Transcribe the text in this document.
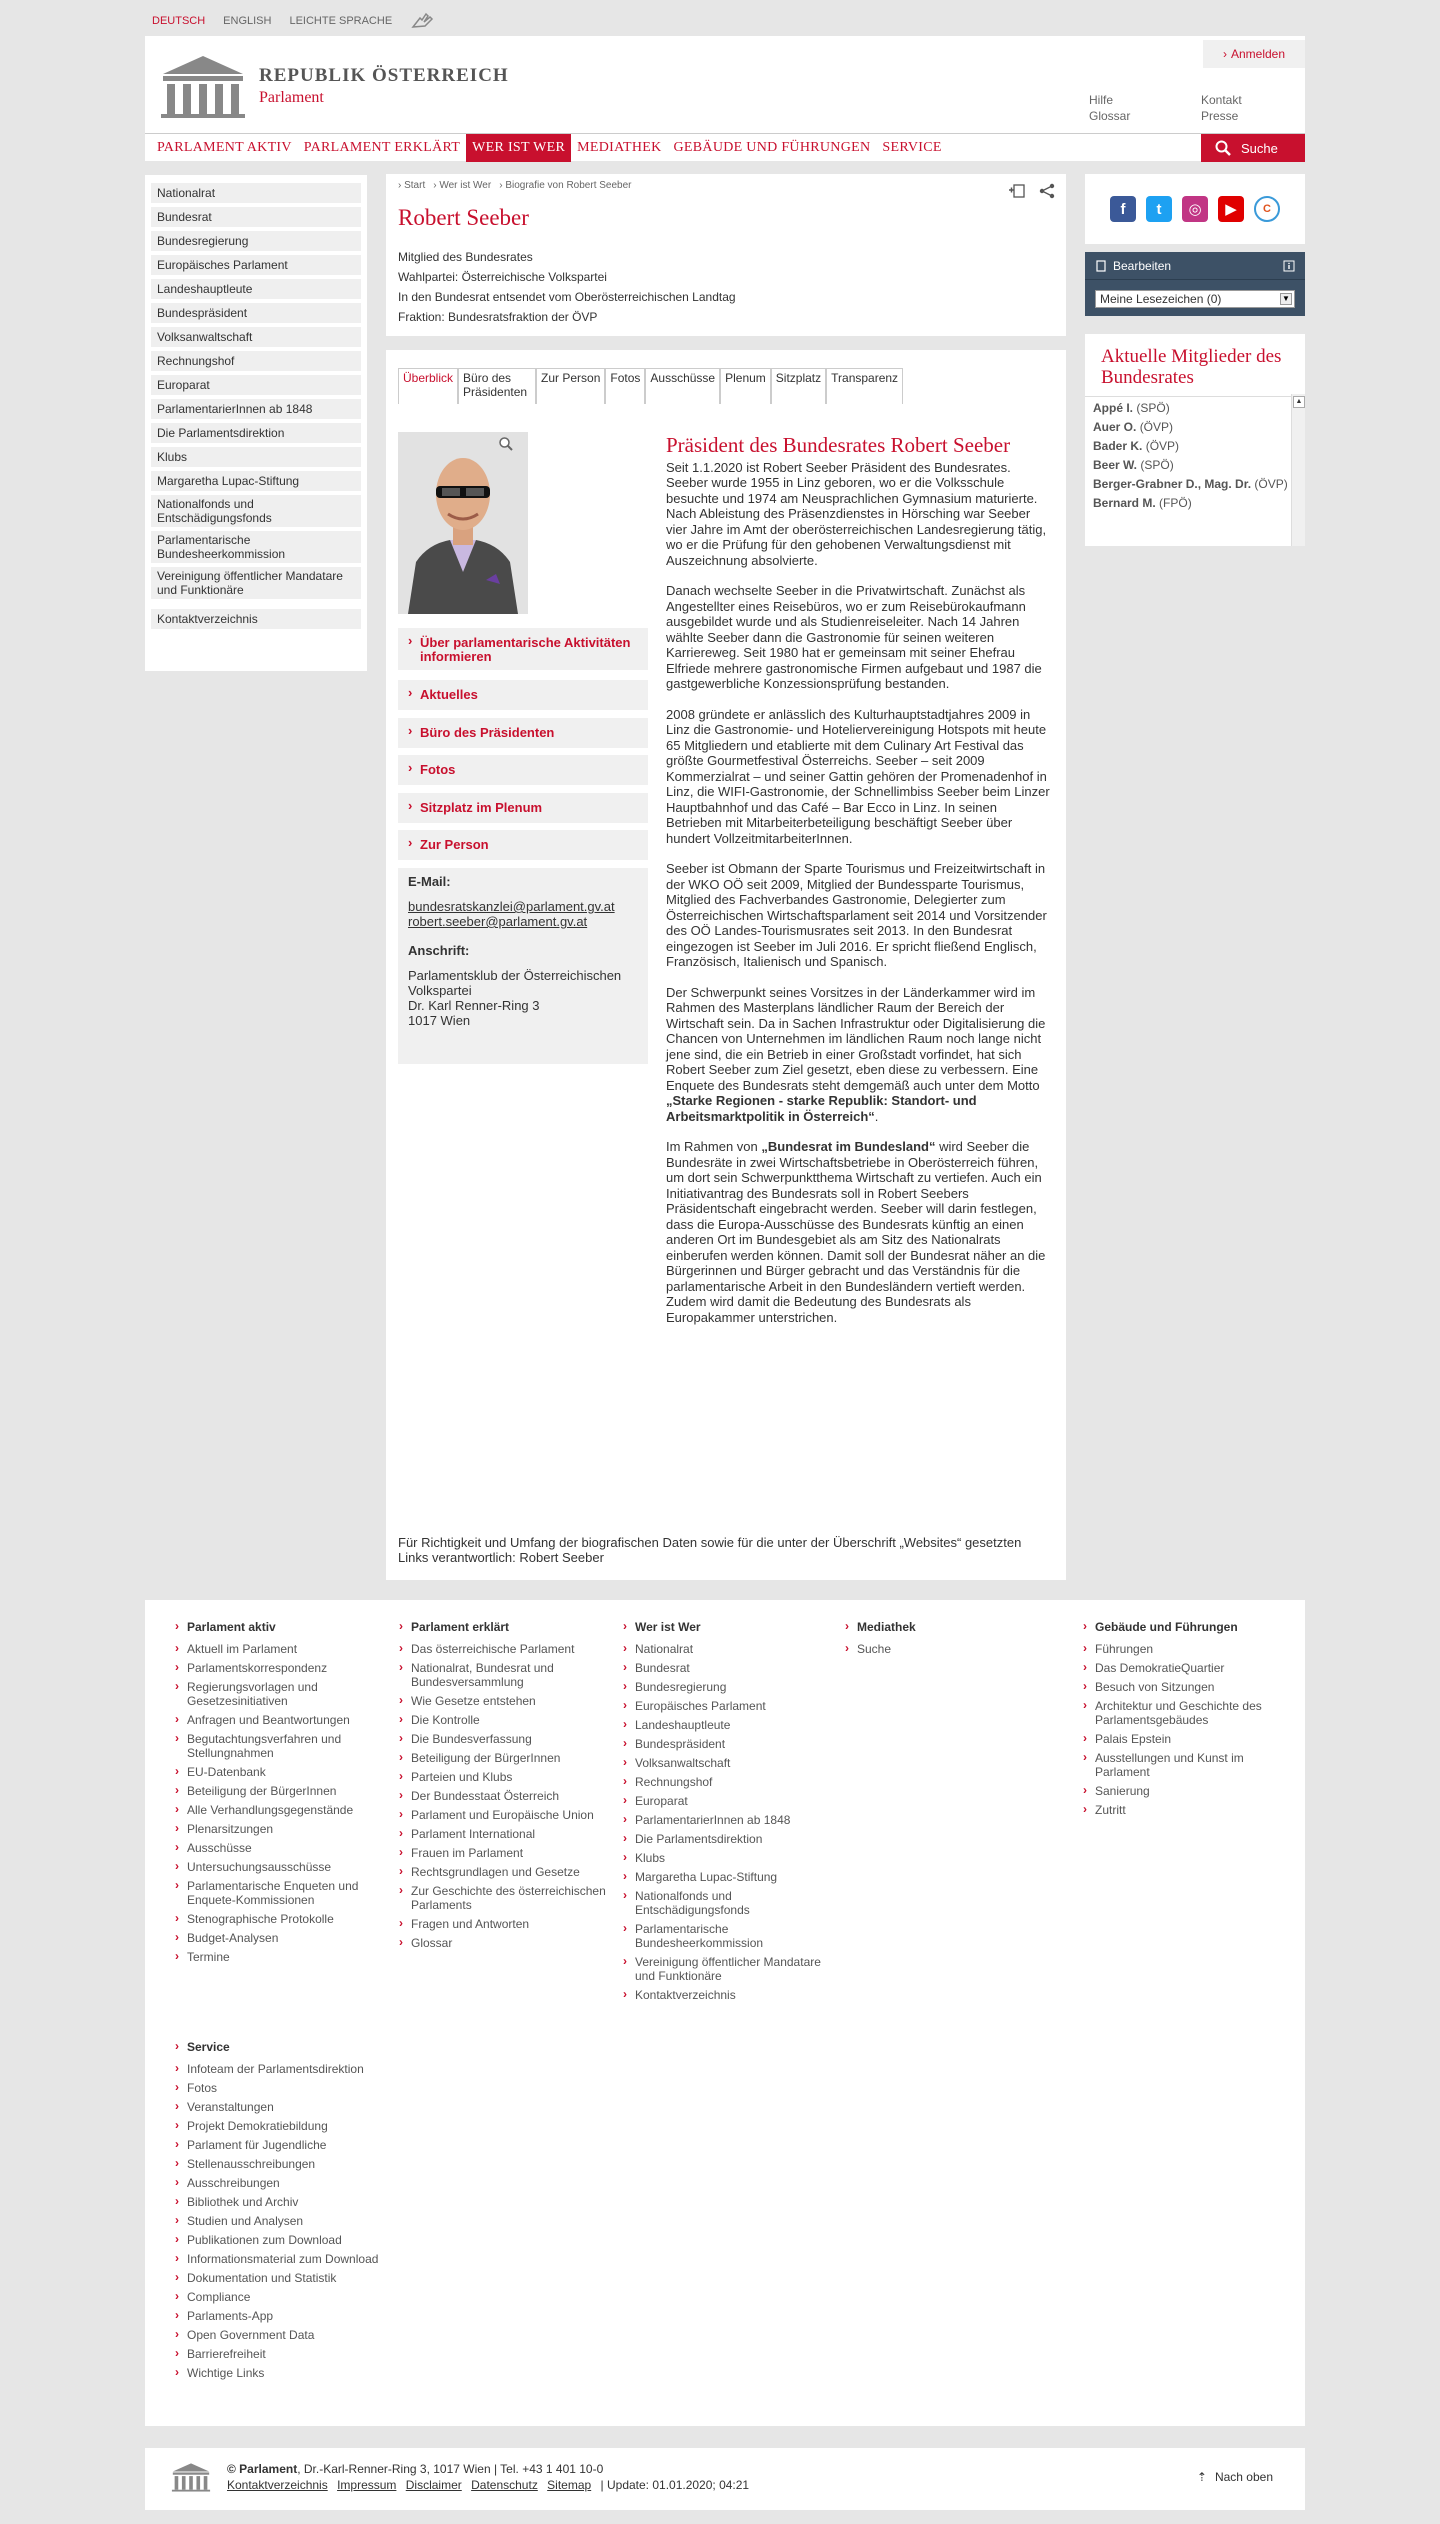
DEUTSCH ENGLISH LEICHTE SPRACHE
REPUBLIK ÖSTERREICH
Parlament
› Anmelden
Hilfe
Glossar
Kontakt
Presse
PARLAMENT AKTIV PARLAMENT ERKLÄRT WER IST WER MEDIATHEK GEBÄUDE UND FÜHRUNGEN SERVICE	Suche
Nationalrat
Bundesrat
Bundesregierung
Europäisches Parlament
Landeshauptleute
Bundespräsident
Volksanwaltschaft
Rechnungshof
Europarat
ParlamentarierInnen ab 1848
Die Parlamentsdirektion
Klubs
Margaretha Lupac-Stiftung
Nationalfonds und Entschädigungsfonds
Parlamentarische Bundesheerkommission
Vereinigung öffentlicher Mandatare und Funktionäre
Kontaktverzeichnis
› Start › Wer ist Wer › Biografie von Robert Seeber
Robert Seeber
Mitglied des Bundesrates
Wahlpartei: Österreichische Volkspartei
In den Bundesrat entsendet vom Oberösterreichischen Landtag
Fraktion: Bundesratsfraktion der ÖVP
Überblick Büro des Präsidenten
Zur Person Fotos Ausschüsse Plenum Sitzplatz Transparenz
› Über parlamentarische Aktivitäten informieren
› Aktuelles
› Büro des Präsidenten
› Fotos
› Sitzplatz im Plenum
› Zur Person
E-Mail:
bundesratskanzlei@parlament.gv.at
robert.seeber@parlament.gv.at
Anschrift:
Parlamentsklub der Österreichischen Volkspartei
Dr. Karl Renner-Ring 3
1017 Wien
Präsident des Bundesrates Robert Seeber

Seit 1.1.2020 ist Robert Seeber Präsident des Bundesrates. Seeber wurde 1955 in Linz geboren, wo er die Volksschule besuchte und 1974 am Neusprachlichen Gymnasium maturierte. Nach Ableistung des Präsenzdienstes in Hörsching war Seeber vier Jahre im Amt der oberösterreichischen Landesregierung tätig, wo er die Prüfung für den gehobenen Verwaltungsdienst mit Auszeichnung absolvierte.

Danach wechselte Seeber in die Privatwirtschaft. Zunächst als Angestellter eines Reisebüros, wo er zum Reisebürokaufmann ausgebildet wurde und als Studienreiseleiter. Nach 14 Jahren wählte Seeber dann die Gastronomie für seinen weiteren Karriereweg. Seit 1980 hat er gemeinsam mit seiner Ehefrau Elfriede mehrere gastronomische Firmen aufgebaut und 1987 die gastgewerbliche Konzessionsprüfung bestanden.

2008 gründete er anlässlich des Kulturhauptstadtjahres 2009 in Linz die Gastronomie- und Hoteliervereinigung Hotspots mit heute 65 Mitgliedern und etablierte mit dem Culinary Art Festival das größte Gourmetfestival Österreichs. Seeber – seit 2009 Kommerzialrat – und seiner Gattin gehören der Promenadenhof in Linz, die WIFI-Gastronomie, der Schnellimbiss Seeber beim Linzer Hauptbahnhof und das Café – Bar Ecco in Linz. In seinen Betrieben mit Mitarbeiterbeteiligung beschäftigt Seeber über hundert VollzeitmitarbeiterInnen.

Seeber ist Obmann der Sparte Tourismus und Freizeitwirtschaft in der WKO OÖ seit 2009, Mitglied der Bundessparte Tourismus, Mitglied des Fachverbandes Gastronomie, Delegierter zum Österreichischen Wirtschaftsparlament seit 2014 und Vorsitzender des OÖ Landes-Tourismusrates seit 2013. In den Bundesrat eingezogen ist Seeber im Juli 2016. Er spricht fließend Englisch, Französisch, Italienisch und Spanisch.

Der Schwerpunkt seines Vorsitzes in der Länderkammer wird im Rahmen des Masterplans ländlicher Raum der Bereich der Wirtschaft sein. Da in Sachen Infrastruktur oder Digitalisierung die Chancen von Unternehmen im ländlichen Raum noch lange nicht jene sind, die ein Betrieb in einer Großstadt vorfindet, hat sich Robert Seeber zum Ziel gesetzt, eben diese zu verbessern. Eine Enquete des Bundesrats steht demgemäß auch unter dem Motto „Starke Regionen - starke Republik: Standort- und Arbeitsmarktpolitik in Österreich“.

Im Rahmen von „Bundesrat im Bundesland“ wird Seeber die Bundesräte in zwei Wirtschaftsbetriebe in Oberösterreich führen, um dort sein Schwerpunktthema Wirtschaft zu vertiefen. Auch ein Initiativantrag des Bundesrats soll in Robert Seebers Präsidentschaft eingebracht werden. Seeber will darin festlegen, dass die Europa-Ausschüsse des Bundesrats künftig an einen anderen Ort im Bundesgebiet als am Sitz des Nationalrats einberufen werden können. Damit soll der Bundesrat näher an die Bürgerinnen und Bürger gebracht und das Verständnis für die parlamentarische Arbeit in den Bundesländern vertieft werden. Zudem wird damit die Bedeutung des Bundesrats als Europakammer unterstrichen.

Für Richtigkeit und Umfang der biografischen Daten sowie für die unter der Überschrift „Websites“ gesetzten Links verantwortlich: Robert Seeber
f	t	◎	▶	C
Bearbeiten
Meine Lesezeichen (0)	▼
Aktuelle Mitglieder des Bundesrates
Appé I. (SPÖ)
Auer O. (ÖVP)
Bader K. (ÖVP)
Beer W. (SPÖ)
Berger-Grabner D., Mag. Dr. (ÖVP)
Bernard M. (FPÖ)
▲
› Parlament aktiv
› Aktuell im Parlament
› Parlamentskorrespondenz
› Regierungsvorlagen und Gesetzesinitiativen
› Anfragen und Beantwortungen
› Begutachtungsverfahren und Stellungnahmen
› EU-Datenbank
› Beteiligung der BürgerInnen
› Alle Verhandlungsgegenstände
› Plenarsitzungen
› Ausschüsse
› Untersuchungsausschüsse
› Parlamentarische Enqueten und Enquete-Kommissionen
› Stenographische Protokolle
› Budget-Analysen
› Termine
› Parlament erklärt
› Das österreichische Parlament
› Nationalrat, Bundesrat und Bundesversammlung
› Wie Gesetze entstehen
› Die Kontrolle
› Die Bundesverfassung
› Beteiligung der BürgerInnen
› Parteien und Klubs
› Der Bundesstaat Österreich
› Parlament und Europäische Union
› Parlament International
› Frauen im Parlament
› Rechtsgrundlagen und Gesetze
› Zur Geschichte des österreichischen Parlaments
› Fragen und Antworten
› Glossar
› Wer ist Wer
› Nationalrat
› Bundesrat
› Bundesregierung
› Europäisches Parlament
› Landeshauptleute
› Bundespräsident
› Volksanwaltschaft
› Rechnungshof
› Europarat
› ParlamentarierInnen ab 1848
› Die Parlamentsdirektion
› Klubs
› Margaretha Lupac-Stiftung
› Nationalfonds und Entschädigungsfonds
› Parlamentarische Bundesheerkommission
› Vereinigung öffentlicher Mandatare und Funktionäre
› Kontaktverzeichnis
› Mediathek
› Suche
› Gebäude und Führungen
› Führungen
› Das DemokratieQuartier
› Besuch von Sitzungen
› Architektur und Geschichte des Parlamentsgebäudes
› Palais Epstein
› Ausstellungen und Kunst im Parlament
› Sanierung
› Zutritt
› Service
› Infoteam der Parlamentsdirektion
› Fotos
› Veranstaltungen
› Projekt Demokratiebildung
› Parlament für Jugendliche
› Stellenausschreibungen
› Ausschreibungen
› Bibliothek und Archiv
› Studien und Analysen
› Publikationen zum Download
› Informationsmaterial zum Download
› Dokumentation und Statistik
› Compliance
› Parlaments-App
› Open Government Data
› Barrierefreiheit
› Wichtige Links
© Parlament, Dr.-Karl-Renner-Ring 3, 1017 Wien | Tel. +43 1 401 10-0
Kontaktverzeichnis Impressum Disclaimer Datenschutz Sitemap | Update: 01.01.2020; 04:21
⇡ Nach oben
